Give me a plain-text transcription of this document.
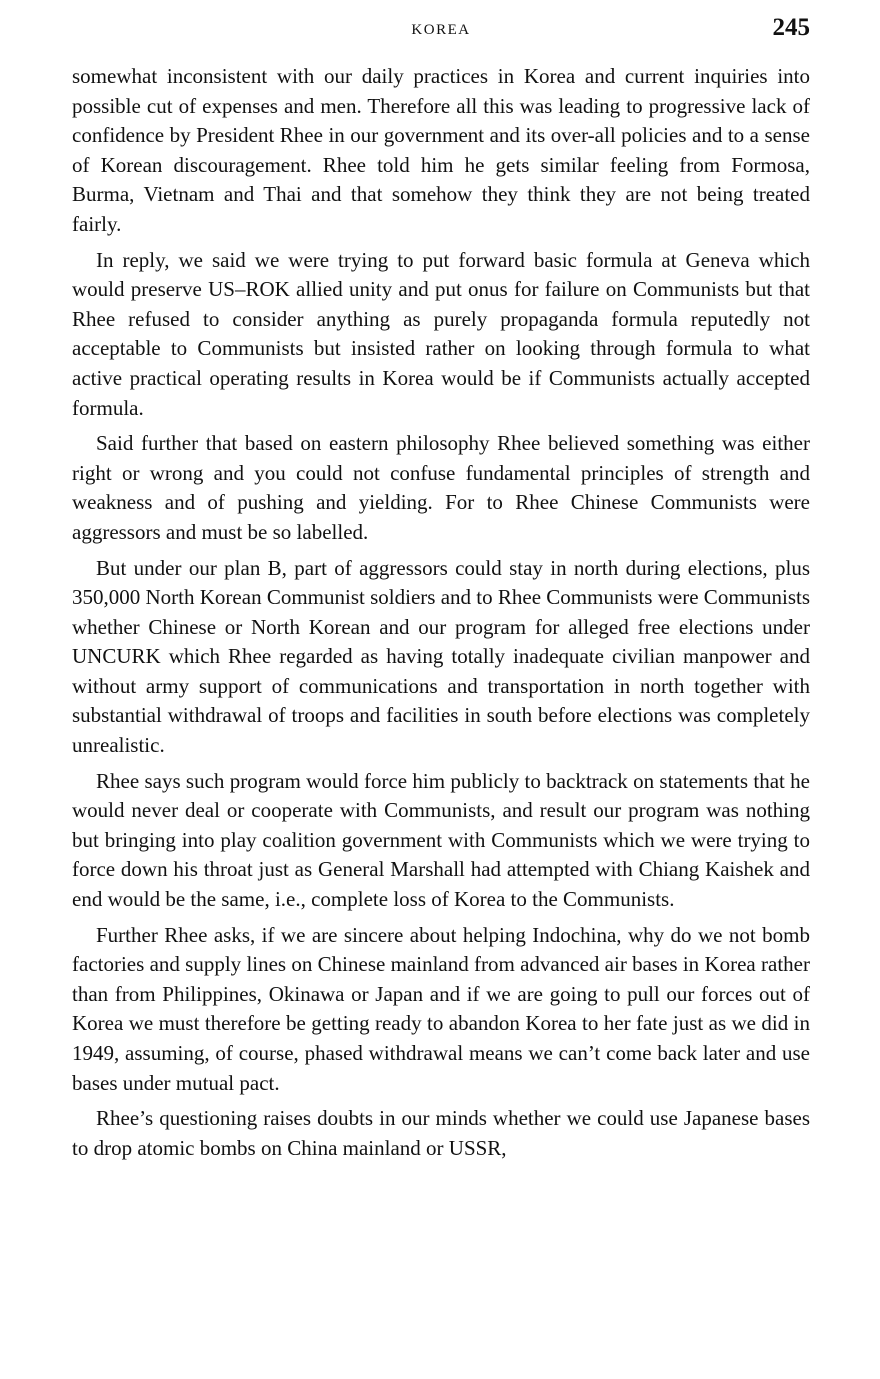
KOREA	245

somewhat inconsistent with our daily practices in Korea and current inquiries into possible cut of expenses and men. Therefore all this was leading to progressive lack of confidence by President Rhee in our government and its over-all policies and to a sense of Korean discouragement. Rhee told him he gets similar feeling from Formosa, Burma, Vietnam and Thai and that somehow they think they are not being treated fairly.

In reply, we said we were trying to put forward basic formula at Geneva which would preserve US–ROK allied unity and put onus for failure on Communists but that Rhee refused to consider anything as purely propaganda formula reputedly not acceptable to Communists but insisted rather on looking through formula to what active practical operating results in Korea would be if Communists actually accepted formula.

Said further that based on eastern philosophy Rhee believed something was either right or wrong and you could not confuse fundamental principles of strength and weakness and of pushing and yielding. For to Rhee Chinese Communists were aggressors and must be so labelled.

But under our plan B, part of aggressors could stay in north during elections, plus 350,000 North Korean Communist soldiers and to Rhee Communists were Communists whether Chinese or North Korean and our program for alleged free elections under UNCURK which Rhee regarded as having totally inadequate civilian manpower and without army support of communications and transportation in north together with substantial withdrawal of troops and facilities in south before elections was completely unrealistic.

Rhee says such program would force him publicly to backtrack on statements that he would never deal or cooperate with Communists, and result our program was nothing but bringing into play coalition government with Communists which we were trying to force down his throat just as General Marshall had attempted with Chiang Kaishek and end would be the same, i.e., complete loss of Korea to the Communists.

Further Rhee asks, if we are sincere about helping Indochina, why do we not bomb factories and supply lines on Chinese mainland from advanced air bases in Korea rather than from Philippines, Okinawa or Japan and if we are going to pull our forces out of Korea we must therefore be getting ready to abandon Korea to her fate just as we did in 1949, assuming, of course, phased withdrawal means we can’t come back later and use bases under mutual pact.

Rhee’s questioning raises doubts in our minds whether we could use Japanese bases to drop atomic bombs on China mainland or USSR,
